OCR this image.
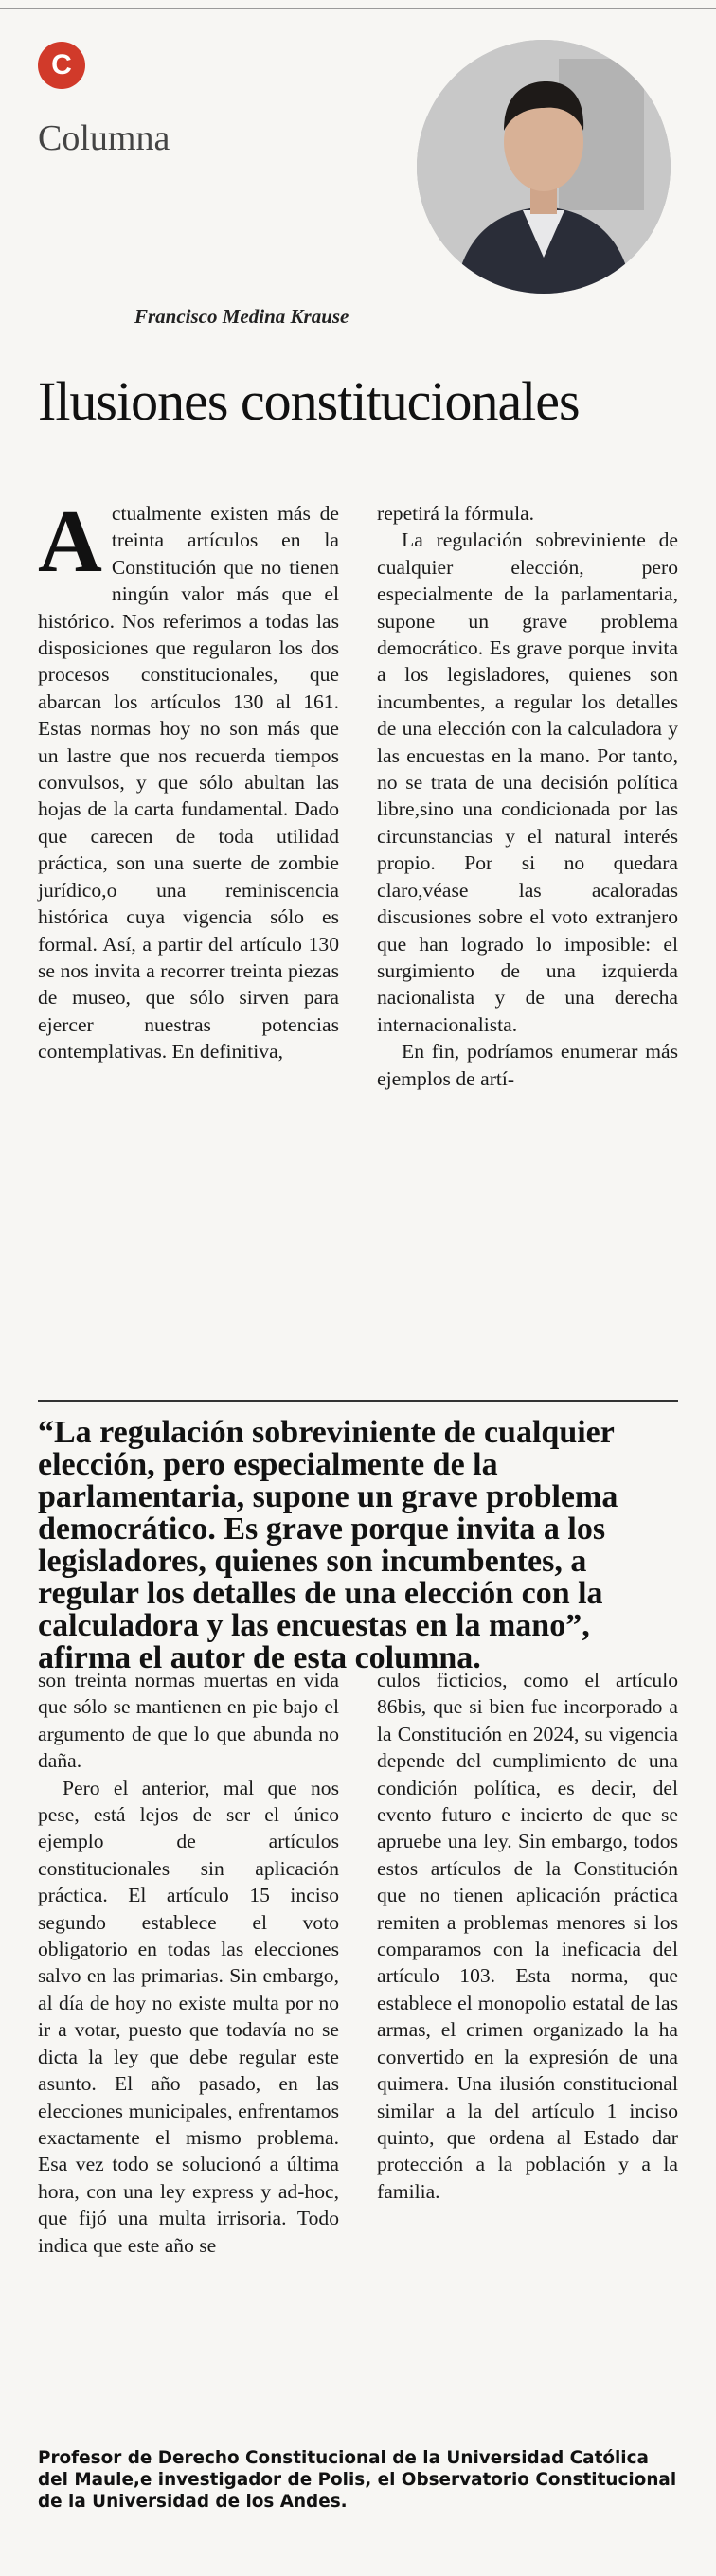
C
Columna
Francisco Medina Krause
Ilusiones constitucionales

Actualmente existen más de treinta artículos en la Constitución que no tienen ningún valor más que el histórico. Nos referimos a todas las disposiciones que regularon los dos procesos constitucionales, que abarcan los artículos 130 al 161. Estas normas hoy no son más que un lastre que nos recuerda tiempos convulsos, y que sólo abultan las hojas de la carta fundamental. Dado que carecen de toda utilidad práctica, son una suerte de zombie jurídico,o una reminiscencia histórica cuya vigencia sólo es formal. Así, a partir del artículo 130 se nos invita a recorrer treinta piezas de museo, que sólo sirven para ejercer nuestras potencias contemplativas. En definitiva,

repetirá la fórmula.

La regulación sobreviniente de cualquier elección, pero especialmente de la parlamentaria, supone un grave problema democrático. Es grave porque invita a los legisladores, quienes son incumbentes, a regular los detalles de una elección con la calculadora y las encuestas en la mano. Por tanto, no se trata de una decisión política libre,sino una condicionada por las circunstancias y el natural interés propio. Por si no quedara claro,véase las acaloradas discusiones sobre el voto extranjero que han logrado lo imposible: el surgimiento de una izquierda nacionalista y de una derecha internacionalista.

En fin, podríamos enumerar más ejemplos de artí-

“La regulación sobreviniente de cualquier elección, pero especialmente de la parlamentaria, supone un grave problema democrático. Es grave porque invita a los legisladores, quienes son incumbentes, a regular los detalles de una elección con la calculadora y las encuestas en la mano”, afirma el autor de esta columna.

son treinta normas muertas en vida que sólo se mantienen en pie bajo el argumento de que lo que abunda no daña.

Pero el anterior, mal que nos pese, está lejos de ser el único ejemplo de artículos constitucionales sin aplicación práctica. El artículo 15 inciso segundo establece el voto obligatorio en todas las elecciones salvo en las primarias. Sin embargo, al día de hoy no existe multa por no ir a votar, puesto que todavía no se dicta la ley que debe regular este asunto. El año pasado, en las elecciones municipales, enfrentamos exactamente el mismo problema. Esa vez todo se solucionó a última hora, con una ley express y ad-hoc, que fijó una multa irrisoria. Todo indica que este año se

culos ficticios, como el artículo 86bis, que si bien fue incorporado a la Constitución en 2024, su vigencia depende del cumplimiento de una condición política, es decir, del evento futuro e incierto de que se apruebe una ley. Sin embargo, todos estos artículos de la Constitución que no tienen aplicación práctica remiten a problemas menores si los comparamos con la ineficacia del artículo 103. Esta norma, que establece el monopolio estatal de las armas, el crimen organizado la ha convertido en la expresión de una quimera. Una ilusión constitucional similar a la del artículo 1 inciso quinto, que ordena al Estado dar protección a la población y a la familia.

Profesor de Derecho Constitucional de la Universidad Católica del Maule,e investigador de Polis, el Observatorio Constitucional de la Universidad de los Andes.
